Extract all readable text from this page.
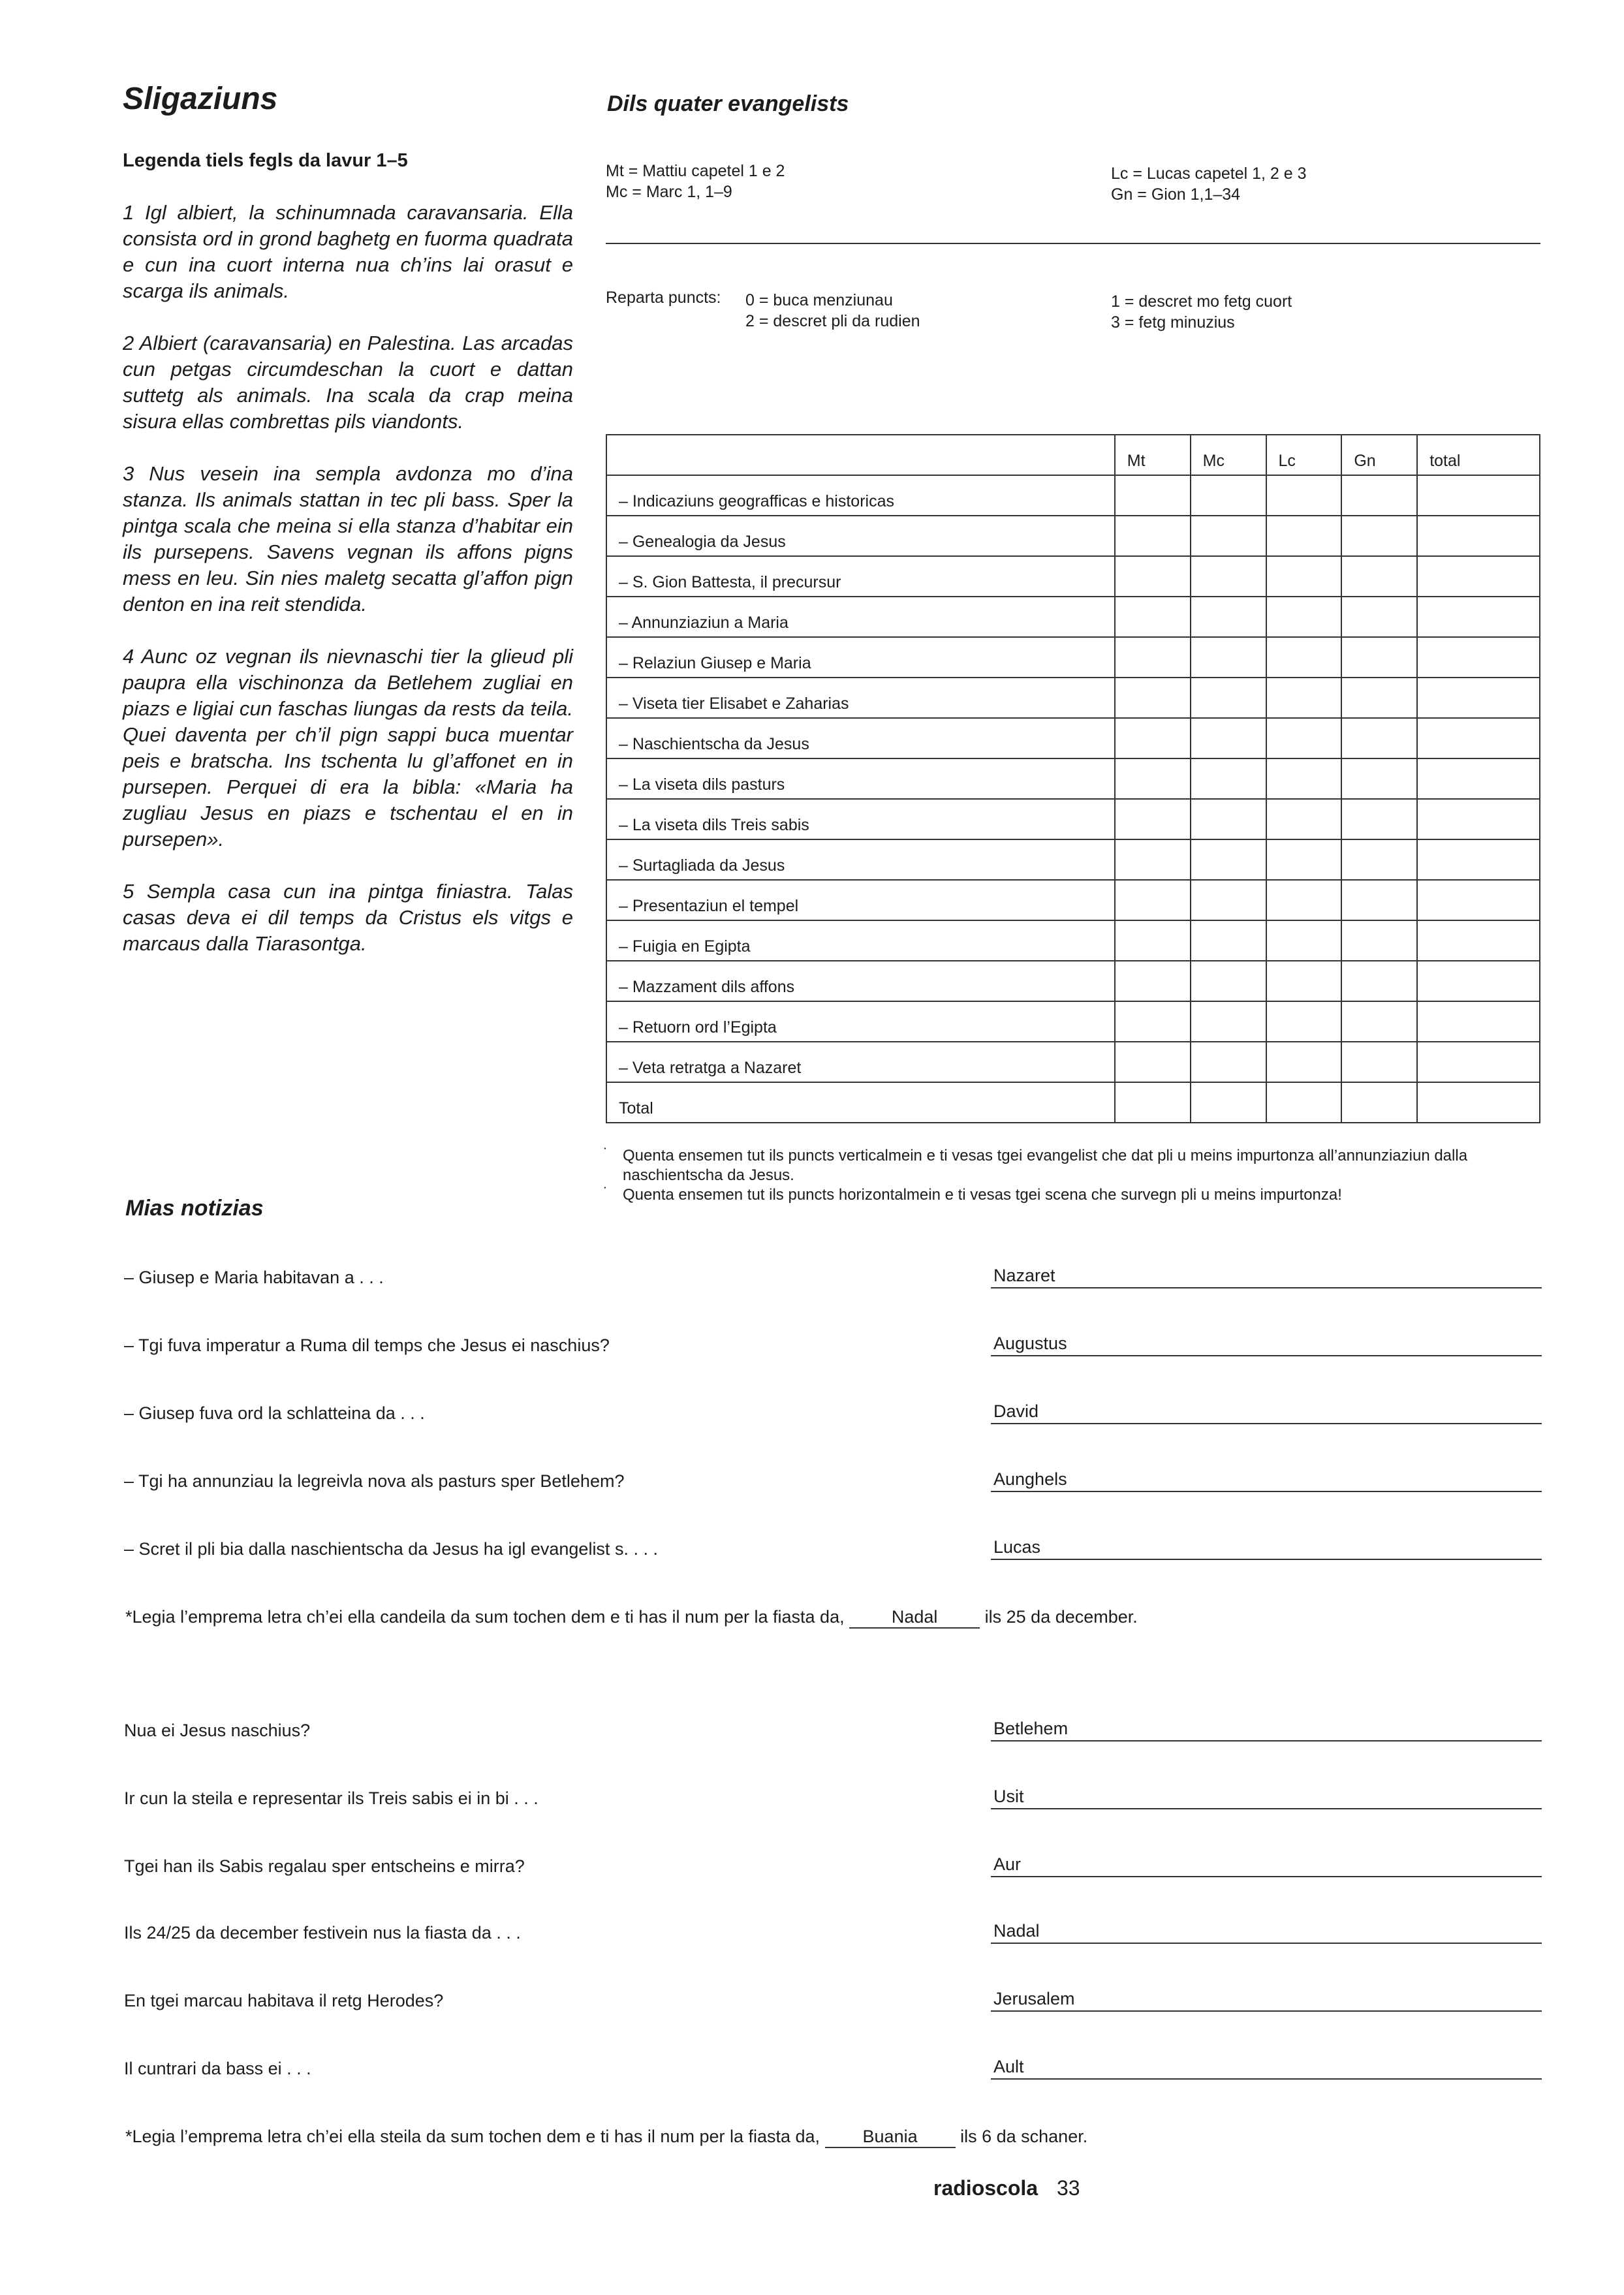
Sligaziuns
Legenda tiels fegls da lavur 1–5

1 Igl albiert, la schinumnada caravansaria. Ella consista ord in grond baghetg en fuorma quadrata e cun ina cuort interna nua ch’ins lai orasut e scarga ils animals.

2 Albiert (caravansaria) en Palestina. Las arcadas cun petgas circumdeschan la cuort e dattan suttetg als animals. Ina scala da crap meina sisura ellas combrettas pils viandonts.

3 Nus vesein ina sempla avdonza mo d’ina stanza. Ils animals stattan in tec pli bass. Sper la pintga scala che meina si ella stanza d’habitar ein ils pursepens. Savens vegnan ils affons pigns mess en leu. Sin nies maletg secatta gl’affon pign denton en ina reit stendida.

4 Aunc oz vegnan ils nievnaschi tier la glieud pli paupra ella vischinonza da Betlehem zugliai en piazs e ligiai cun faschas liungas da rests da teila. Quei daventa per ch’il pign sappi buca muentar peis e bratscha. Ins tschenta lu gl’affonet en in pursepen. Perquei di era la bibla: «Maria ha zugliau Jesus en piazs e tschentau el en in pursepen».

5 Sempla casa cun ina pintga finiastra. Talas casas deva ei dil temps da Cristus els vitgs e marcaus dalla Tiarasontga.

Dils quater evangelists
Mt = Mattiu capetel 1 e 2
Mc = Marc 1, 1–9
Lc = Lucas capetel 1, 2 e 3
Gn = Gion 1,1–34
Reparta puncts: 0 = buca menziunau
2 = descret pli da rudien
1 = descret mo fetg cuort
3 = fetg minuzius
	Mt	Mc	Lc	Gn	total
– Indicaziuns geografficas e historicas					
– Genealogia da Jesus					
– S. Gion Battesta, il precursur					
– Annunziaziun a Maria					
– Relaziun Giusep e Maria					
– Viseta tier Elisabet e Zaharias					
– Naschientscha da Jesus					
– La viseta dils pasturs					
– La viseta dils Treis sabis					
– Surtagliada da Jesus					
– Presentaziun el tempel					
– Fuigia en Egipta					
– Mazzament dils affons					
– Retuorn ord l’Egipta					
– Veta retratga a Nazaret					
Total					
˙ Quenta ensemen tut ils puncts verticalmein e ti vesas tgei evangelist che dat pli u meins impurtonza all’annunziaziun dalla naschientscha da Jesus.
˙ Quenta ensemen tut ils puncts horizontalmein e ti vesas tgei scena che survegn pli u meins impurtonza!
Mias notizias
– Giusep e Maria habitavan a . . .	Nazaret
– Tgi fuva imperatur a Ruma dil temps che Jesus ei naschius?	Augustus
– Giusep fuva ord la schlatteina da . . .	David
– Tgi ha annunziau la legreivla nova als pasturs sper Betlehem?	Aunghels
– Scret il pli bia dalla naschientscha da Jesus ha igl evangelist s. . . .	Lucas
*Legia l’emprema letra ch’ei ella candeila da sum tochen dem e ti has il num per la fiasta da,	Nadal	ils 25 da december.
Nua ei Jesus naschius?	Betlehem
Ir cun la steila e representar ils Treis sabis ei in bi . . .	Usit
Tgei han ils Sabis regalau sper entscheins e mirra?	Aur
Ils 24/25 da december festivein nus la fiasta da . . .	Nadal
En tgei marcau habitava il retg Herodes?	Jerusalem
Il cuntrari da bass ei . . .	Ault
*Legia l’emprema letra ch’ei ella steila da sum tochen dem e ti has il num per la fiasta da, Buania ils 6 da schaner.
radioscola 33
